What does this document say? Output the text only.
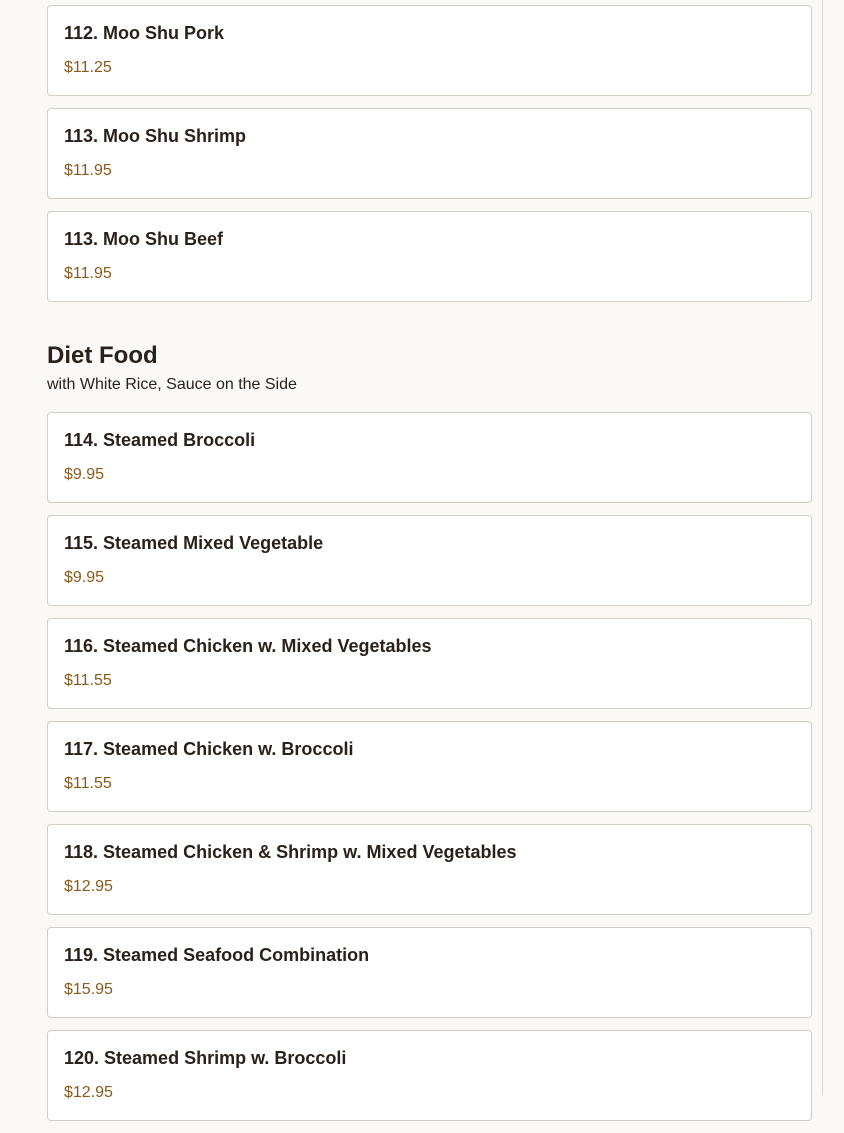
112. Moo Shu Pork
$11.25
113. Moo Shu Shrimp
$11.95
113. Moo Shu Beef
$11.95
Diet Food
with White Rice, Sauce on the Side
114. Steamed Broccoli
$9.95
115. Steamed Mixed Vegetable
$9.95
116. Steamed Chicken w. Mixed Vegetables
$11.55
117. Steamed Chicken w. Broccoli
$11.55
118. Steamed Chicken & Shrimp w. Mixed Vegetables
$12.95
119. Steamed Seafood Combination
$15.95
120. Steamed Shrimp w. Broccoli
$12.95
